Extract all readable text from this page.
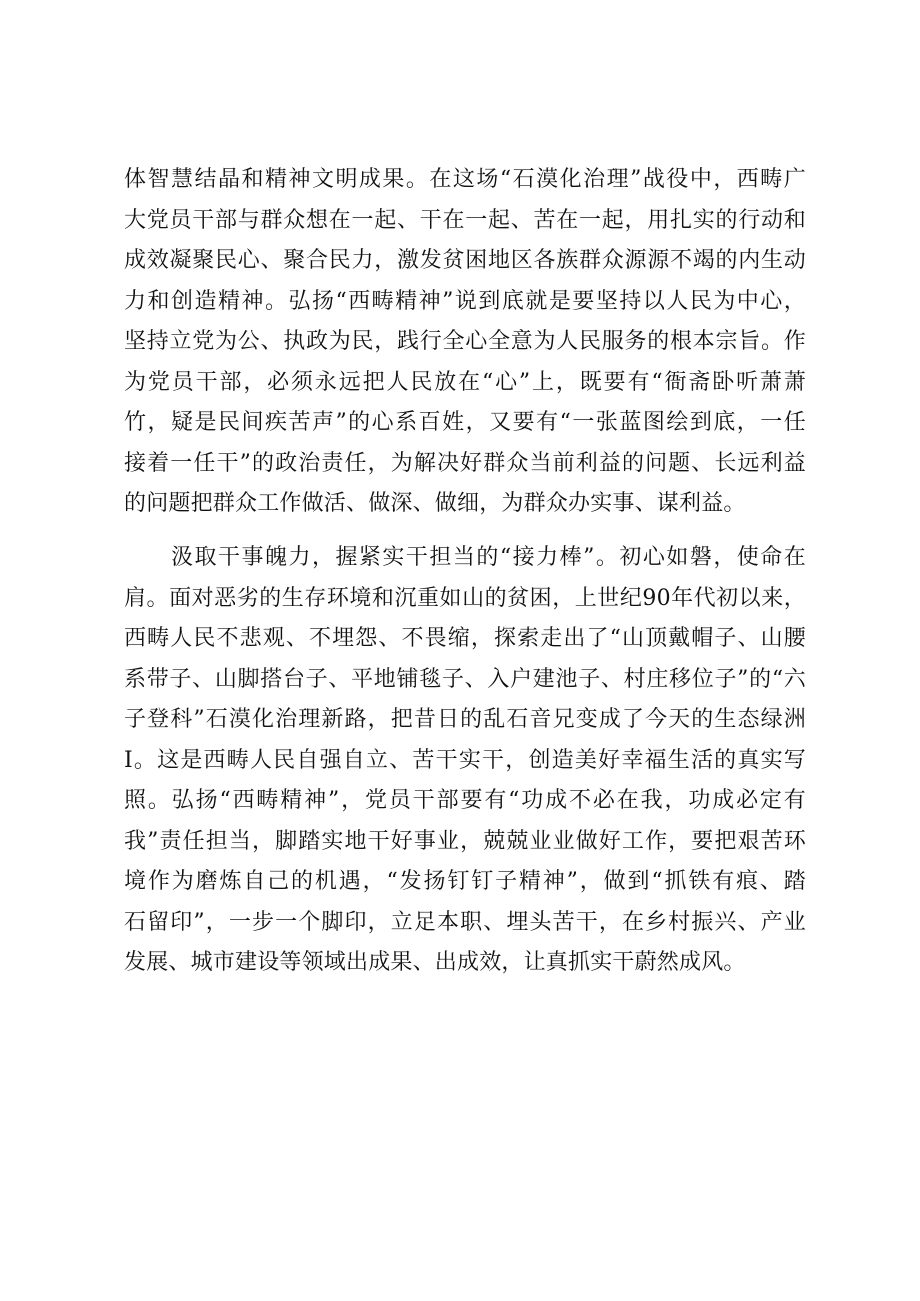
体智慧结晶和精神文明成果。在这场“石漠化治理”战役中，西畴广
大党员干部与群众想在一起、干在一起、苦在一起，用扎实的行动和
成效凝聚民心、聚合民力，激发贫困地区各族群众源源不竭的内生动
力和创造精神。弘扬“西畴精神”说到底就是要坚持以人民为中心，
坚持立党为公、执政为民，践行全心全意为人民服务的根本宗旨。作
为党员干部，必须永远把人民放在“心”上，既要有“衙斋卧听萧萧
竹，疑是民间疾苦声”的心系百姓，又要有“一张蓝图绘到底，一任
接着一任干”的政治责任，为解决好群众当前利益的问题、长远利益
的问题把群众工作做活、做深、做细，为群众办实事、谋利益。
　　汲取干事魄力，握紧实干担当的“接力棒”。初心如磐，使命在
肩。面对恶劣的生存环境和沉重如山的贫困，上世纪90年代初以来，
西畴人民不悲观、不埋怨、不畏缩，探索走出了“山顶戴帽子、山腰
系带子、山脚搭台子、平地铺毯子、入户建池子、村庄移位子”的“六
子登科”石漠化治理新路，把昔日的乱石音兄变成了今天的生态绿洲
I。这是西畴人民自强自立、苦干实干，创造美好幸福生活的真实写
照。弘扬“西畴精神”，党员干部要有“功成不必在我，功成必定有
我”责任担当，脚踏实地干好事业，兢兢业业做好工作，要把艰苦环
境作为磨炼自己的机遇，“发扬钉钉子精神”，做到“抓铁有痕、踏
石留印”，一步一个脚印，立足本职、埋头苦干，在乡村振兴、产业
发展、城市建设等领域出成果、出成效，让真抓实干蔚然成风。
